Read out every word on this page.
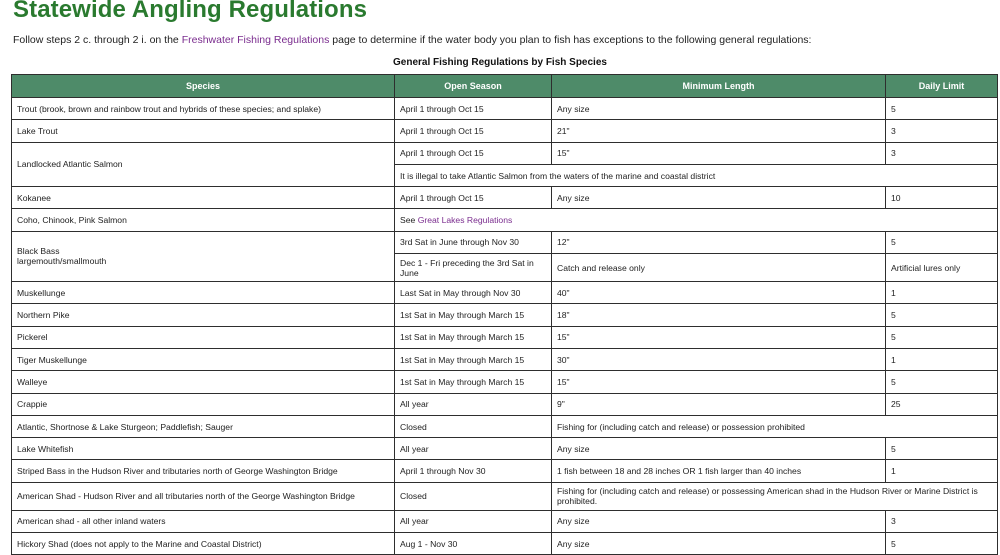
Statewide Angling Regulations
Follow steps 2 c. through 2 i. on the Freshwater Fishing Regulations page to determine if the water body you plan to fish has exceptions to the following general regulations:
General Fishing Regulations by Fish Species
Species	Open Season	Minimum Length	Daily Limit
Trout (brook, brown and rainbow trout and hybrids of these species; and splake)	April 1 through Oct 15	Any size	5
Lake Trout	April 1 through Oct 15	21"	3
Landlocked Atlantic Salmon	April 1 through Oct 15	15"	3
	It is illegal to take Atlantic Salmon from the waters of the marine and coastal district		
Kokanee	April 1 through Oct 15	Any size	10
Coho, Chinook, Pink Salmon	See Great Lakes Regulations		
Black Bass
largemouth/smallmouth	3rd Sat in June through Nov 30	12"	5
	Dec 1 - Fri preceding the 3rd Sat in June	Catch and release only	Artificial lures only
Muskellunge	Last Sat in May through Nov 30	40"	1
Northern Pike	1st Sat in May through March 15	18"	5
Pickerel	1st Sat in May through March 15	15"	5
Tiger Muskellunge	1st Sat in May through March 15	30"	1
Walleye	1st Sat in May through March 15	15"	5
Crappie	All year	9"	25
Atlantic, Shortnose & Lake Sturgeon; Paddlefish; Sauger	Closed	Fishing for (including catch and release) or possession prohibited	
Lake Whitefish	All year	Any size	5
Striped Bass in the Hudson River and tributaries north of George Washington Bridge	April 1 through Nov 30	1 fish between 18 and 28 inches OR 1 fish larger than 40 inches	1
American Shad - Hudson River and all tributaries north of the George Washington Bridge	Closed	Fishing for (including catch and release) or possessing American shad in the Hudson River or Marine District is prohibited.	
American shad - all other inland waters	All year	Any size	3
Hickory Shad (does not apply to the Marine and Coastal District)	Aug 1 - Nov 30	Any size	5
